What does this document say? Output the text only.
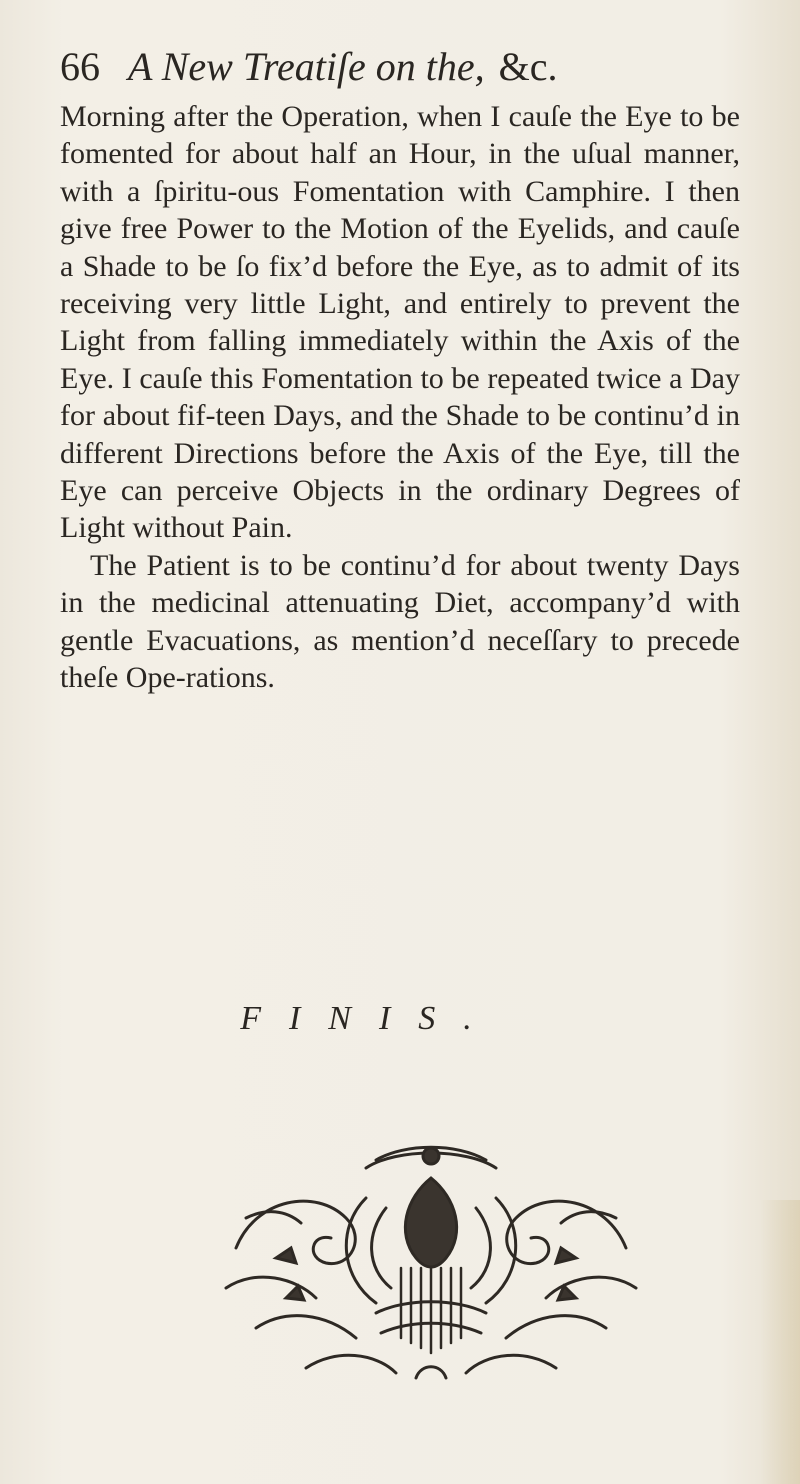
66 A New Treatiſe on the, &c.

Morning after the Operation, when I cauſe the Eye to be fomented for about half an Hour, in the uſual manner, with a ſpiritu-ous Fomentation with Camphire. I then give free Power to the Motion of the Eyelids, and cauſe a Shade to be ſo fix’d before the Eye, as to admit of its receiving very little Light, and entirely to prevent the Light from falling immediately within the Axis of the Eye. I cauſe this Fomentation to be repeated twice a Day for about fif-teen Days, and the Shade to be continu’d in different Directions before the Axis of the Eye, till the Eye can perceive Objects in the ordinary Degrees of Light without Pain.

The Patient is to be continu’d for about twenty Days in the medicinal attenuating Diet, accompany’d with gentle Evacuations, as mention’d neceſſary to precede theſe Ope-rations.

FINIS.
